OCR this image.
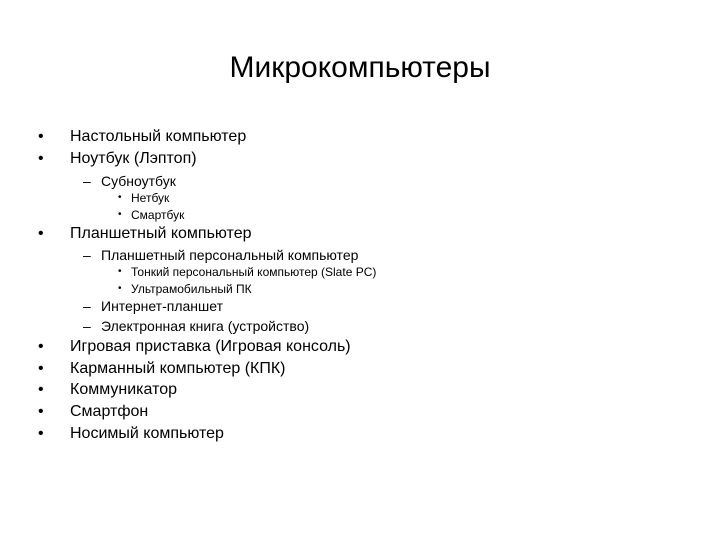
Микрокомпьютеры
• Настольный компьютер
• Ноутбук (Лэптоп)
– Субноутбук
• Нетбук
• Смартбук
• Планшетный компьютер
– Планшетный персональный компьютер
• Тонкий персональный компьютер (Slate PC)
• Ультрамобильный ПК
– Интернет-планшет
– Электронная книга (устройство)
• Игровая приставка (Игровая консоль)
• Карманный компьютер (КПК)
• Коммуникатор
• Смартфон
• Носимый компьютер
